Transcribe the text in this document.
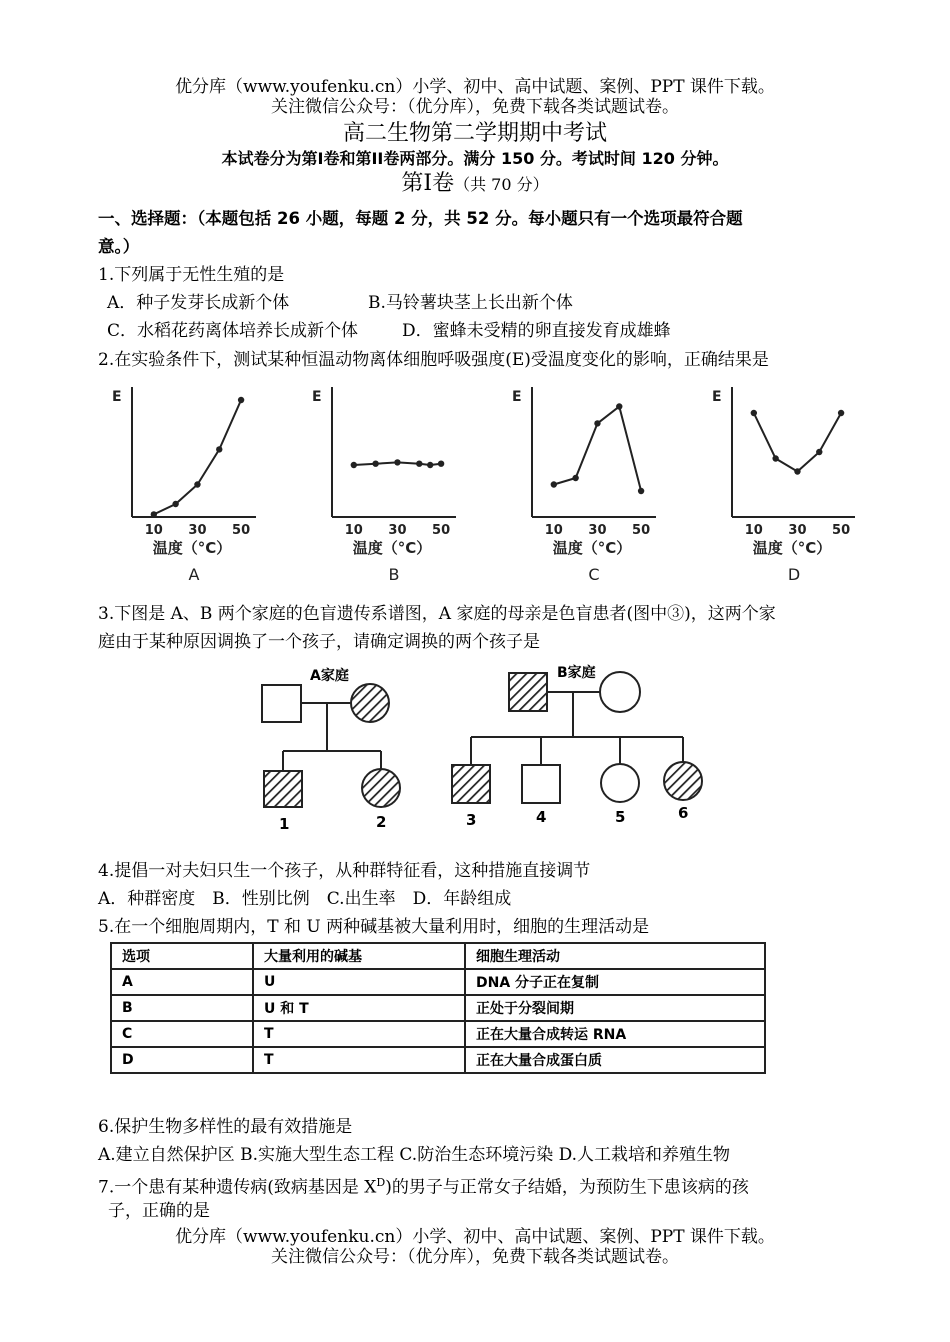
优分库（www.youfenku.cn）小学、初中、高中试题、案例、PPT 课件下载。
关注微信公众号：（优分库），免费下载各类试题试卷。
高二生物第二学期期中考试
本试卷分为第Ⅰ卷和第II卷两部分。满分 150 分。考试时间 120 分钟。
第Ⅰ卷（共 70 分）
一、选择题：（本题包括 26 小题，每题 2 分，共 52 分。每小题只有一个选项最符合题
意。）
1.下列属于无性生殖的是
A．种子发芽长成新个体	B.马铃薯块茎上长出新个体
C．水稻花药离体培养长成新个体	D．蜜蜂未受精的卵直接发育成雄蜂
2.在实验条件下，测试某种恒温动物离体细胞呼吸强度(E)受温度变化的影响，正确结果是
E
10 30 50
温度（°C）
A
E
10 30 50
温度（°C）
B
E
10 30 50
温度（°C）
C
E
10 30 50
温度（°C）
D
3.下图是 A、B 两个家庭的色盲遗传系谱图，A 家庭的母亲是色盲患者(图中③)，这两个家
庭由于某种原因调换了一个孩子，请确定调换的两个孩子是
A家庭
1	2
B家庭
3	4	5	6
4.提倡一对夫妇只生一个孩子，从种群特征看，这种措施直接调节
A．种群密度　B．性别比例　C.出生率　D．年龄组成
5.在一个细胞周期内，T 和 U 两种碱基被大量利用时，细胞的生理活动是
选项	大量利用的碱基	细胞生理活动
A	U	DNA 分子正在复制
B	U 和 T	正处于分裂间期
C	T	正在大量合成转运 RNA
D	T	正在大量合成蛋白质
6.保护生物多样性的最有效措施是
A.建立自然保护区 B.实施大型生态工程 C.防治生态环境污染 D.人工栽培和养殖生物
7.一个患有某种遗传病(致病基因是 $X^D$)的男子与正常女子结婚，为预防生下患该病的孩
子，正确的是
优分库（www.youfenku.cn）小学、初中、高中试题、案例、PPT 课件下载。
关注微信公众号：（优分库），免费下载各类试题试卷。
